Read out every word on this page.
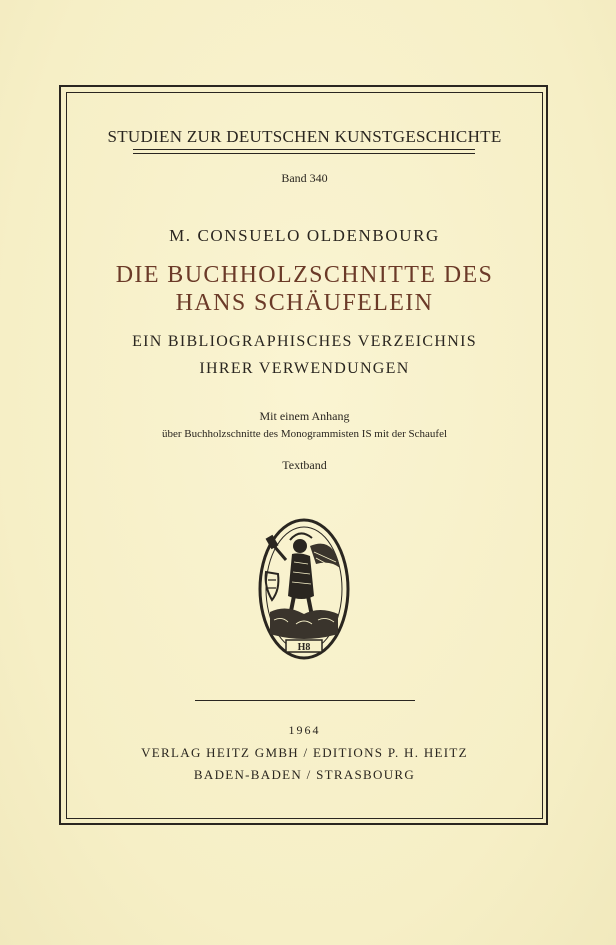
STUDIEN ZUR DEUTSCHEN KUNSTGESCHICHTE
Band 340
M. CONSUELO OLDENBOURG
DIE BUCHHOLZSCHNITTE DES
HANS SCHÄUFELEIN
EIN BIBLIOGRAPHISCHES VERZEICHNIS
IHRER VERWENDUNGEN
Mit einem Anhang
über Buchholzschnitte des Monogrammisten IS mit der Schaufel
Textband
H8
1964
VERLAG HEITZ GMBH / EDITIONS P. H. HEITZ
BADEN-BADEN / STRASBOURG
